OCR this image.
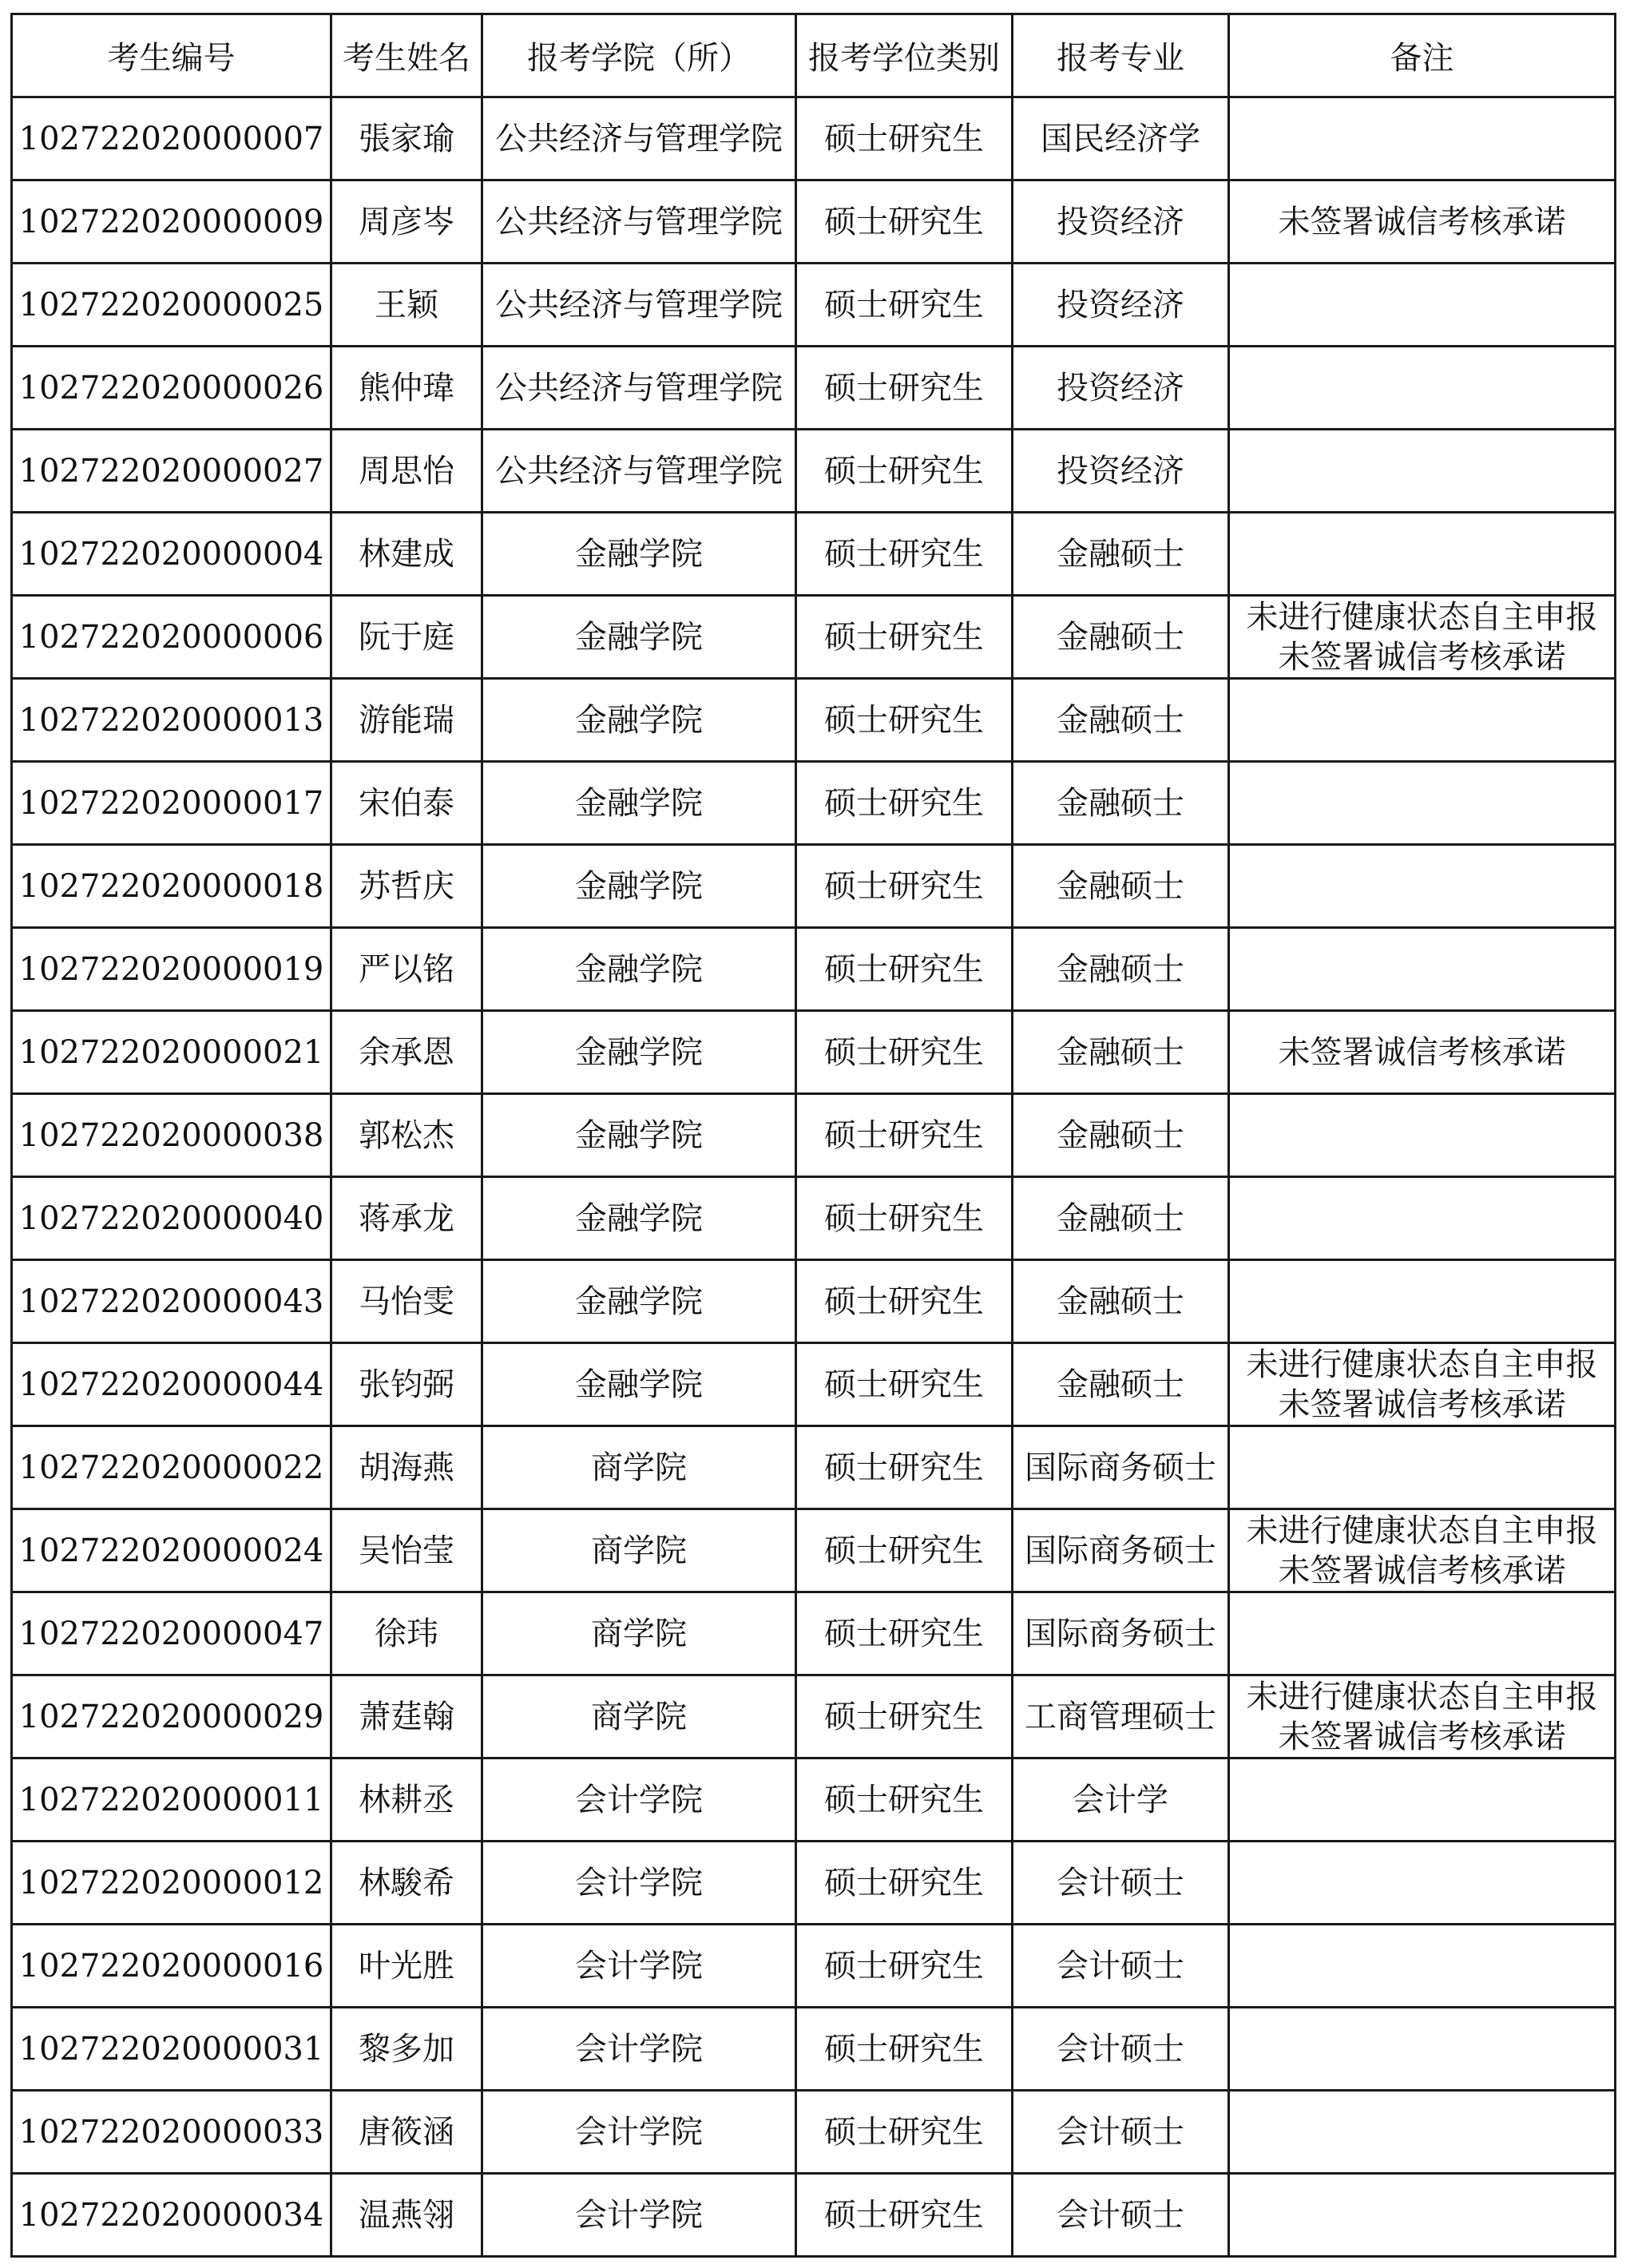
考生编号	考生姓名	报考学院（所）	报考学位类别	报考专业	备注
102722020000007	張家瑜	公共经济与管理学院	硕士研究生	国民经济学	
102722020000009	周彦岑	公共经济与管理学院	硕士研究生	投资经济	未签署诚信考核承诺

102722020000025	王颖	公共经济与管理学院	硕士研究生	投资经济	
102722020000026	熊仲瑋	公共经济与管理学院	硕士研究生	投资经济	
102722020000027	周思怡	公共经济与管理学院	硕士研究生	投资经济	
102722020000004	林建成	金融学院	硕士研究生	金融硕士	
102722020000006	阮于庭	金融学院	硕士研究生	金融硕士	未进行健康状态自主申报
未签署诚信考核承诺

102722020000013	游能瑞	金融学院	硕士研究生	金融硕士	
102722020000017	宋伯泰	金融学院	硕士研究生	金融硕士	
102722020000018	苏哲庆	金融学院	硕士研究生	金融硕士	
102722020000019	严以铭	金融学院	硕士研究生	金融硕士	
102722020000021	余承恩	金融学院	硕士研究生	金融硕士	未签署诚信考核承诺

102722020000038	郭松杰	金融学院	硕士研究生	金融硕士	
102722020000040	蒋承龙	金融学院	硕士研究生	金融硕士	
102722020000043	马怡雯	金融学院	硕士研究生	金融硕士	
102722020000044	张钧弼	金融学院	硕士研究生	金融硕士	未进行健康状态自主申报
未签署诚信考核承诺

102722020000022	胡海燕	商学院	硕士研究生	国际商务硕士	
102722020000024	吴怡莹	商学院	硕士研究生	国际商务硕士	未进行健康状态自主申报
未签署诚信考核承诺

102722020000047	徐玮	商学院	硕士研究生	国际商务硕士	
102722020000029	萧莛翰	商学院	硕士研究生	工商管理硕士	未进行健康状态自主申报
未签署诚信考核承诺

102722020000011	林耕丞	会计学院	硕士研究生	会计学	
102722020000012	林駿希	会计学院	硕士研究生	会计硕士	
102722020000016	叶光胜	会计学院	硕士研究生	会计硕士	
102722020000031	黎多加	会计学院	硕士研究生	会计硕士	
102722020000033	唐筱涵	会计学院	硕士研究生	会计硕士	
102722020000034	温燕翎	会计学院	硕士研究生	会计硕士	
